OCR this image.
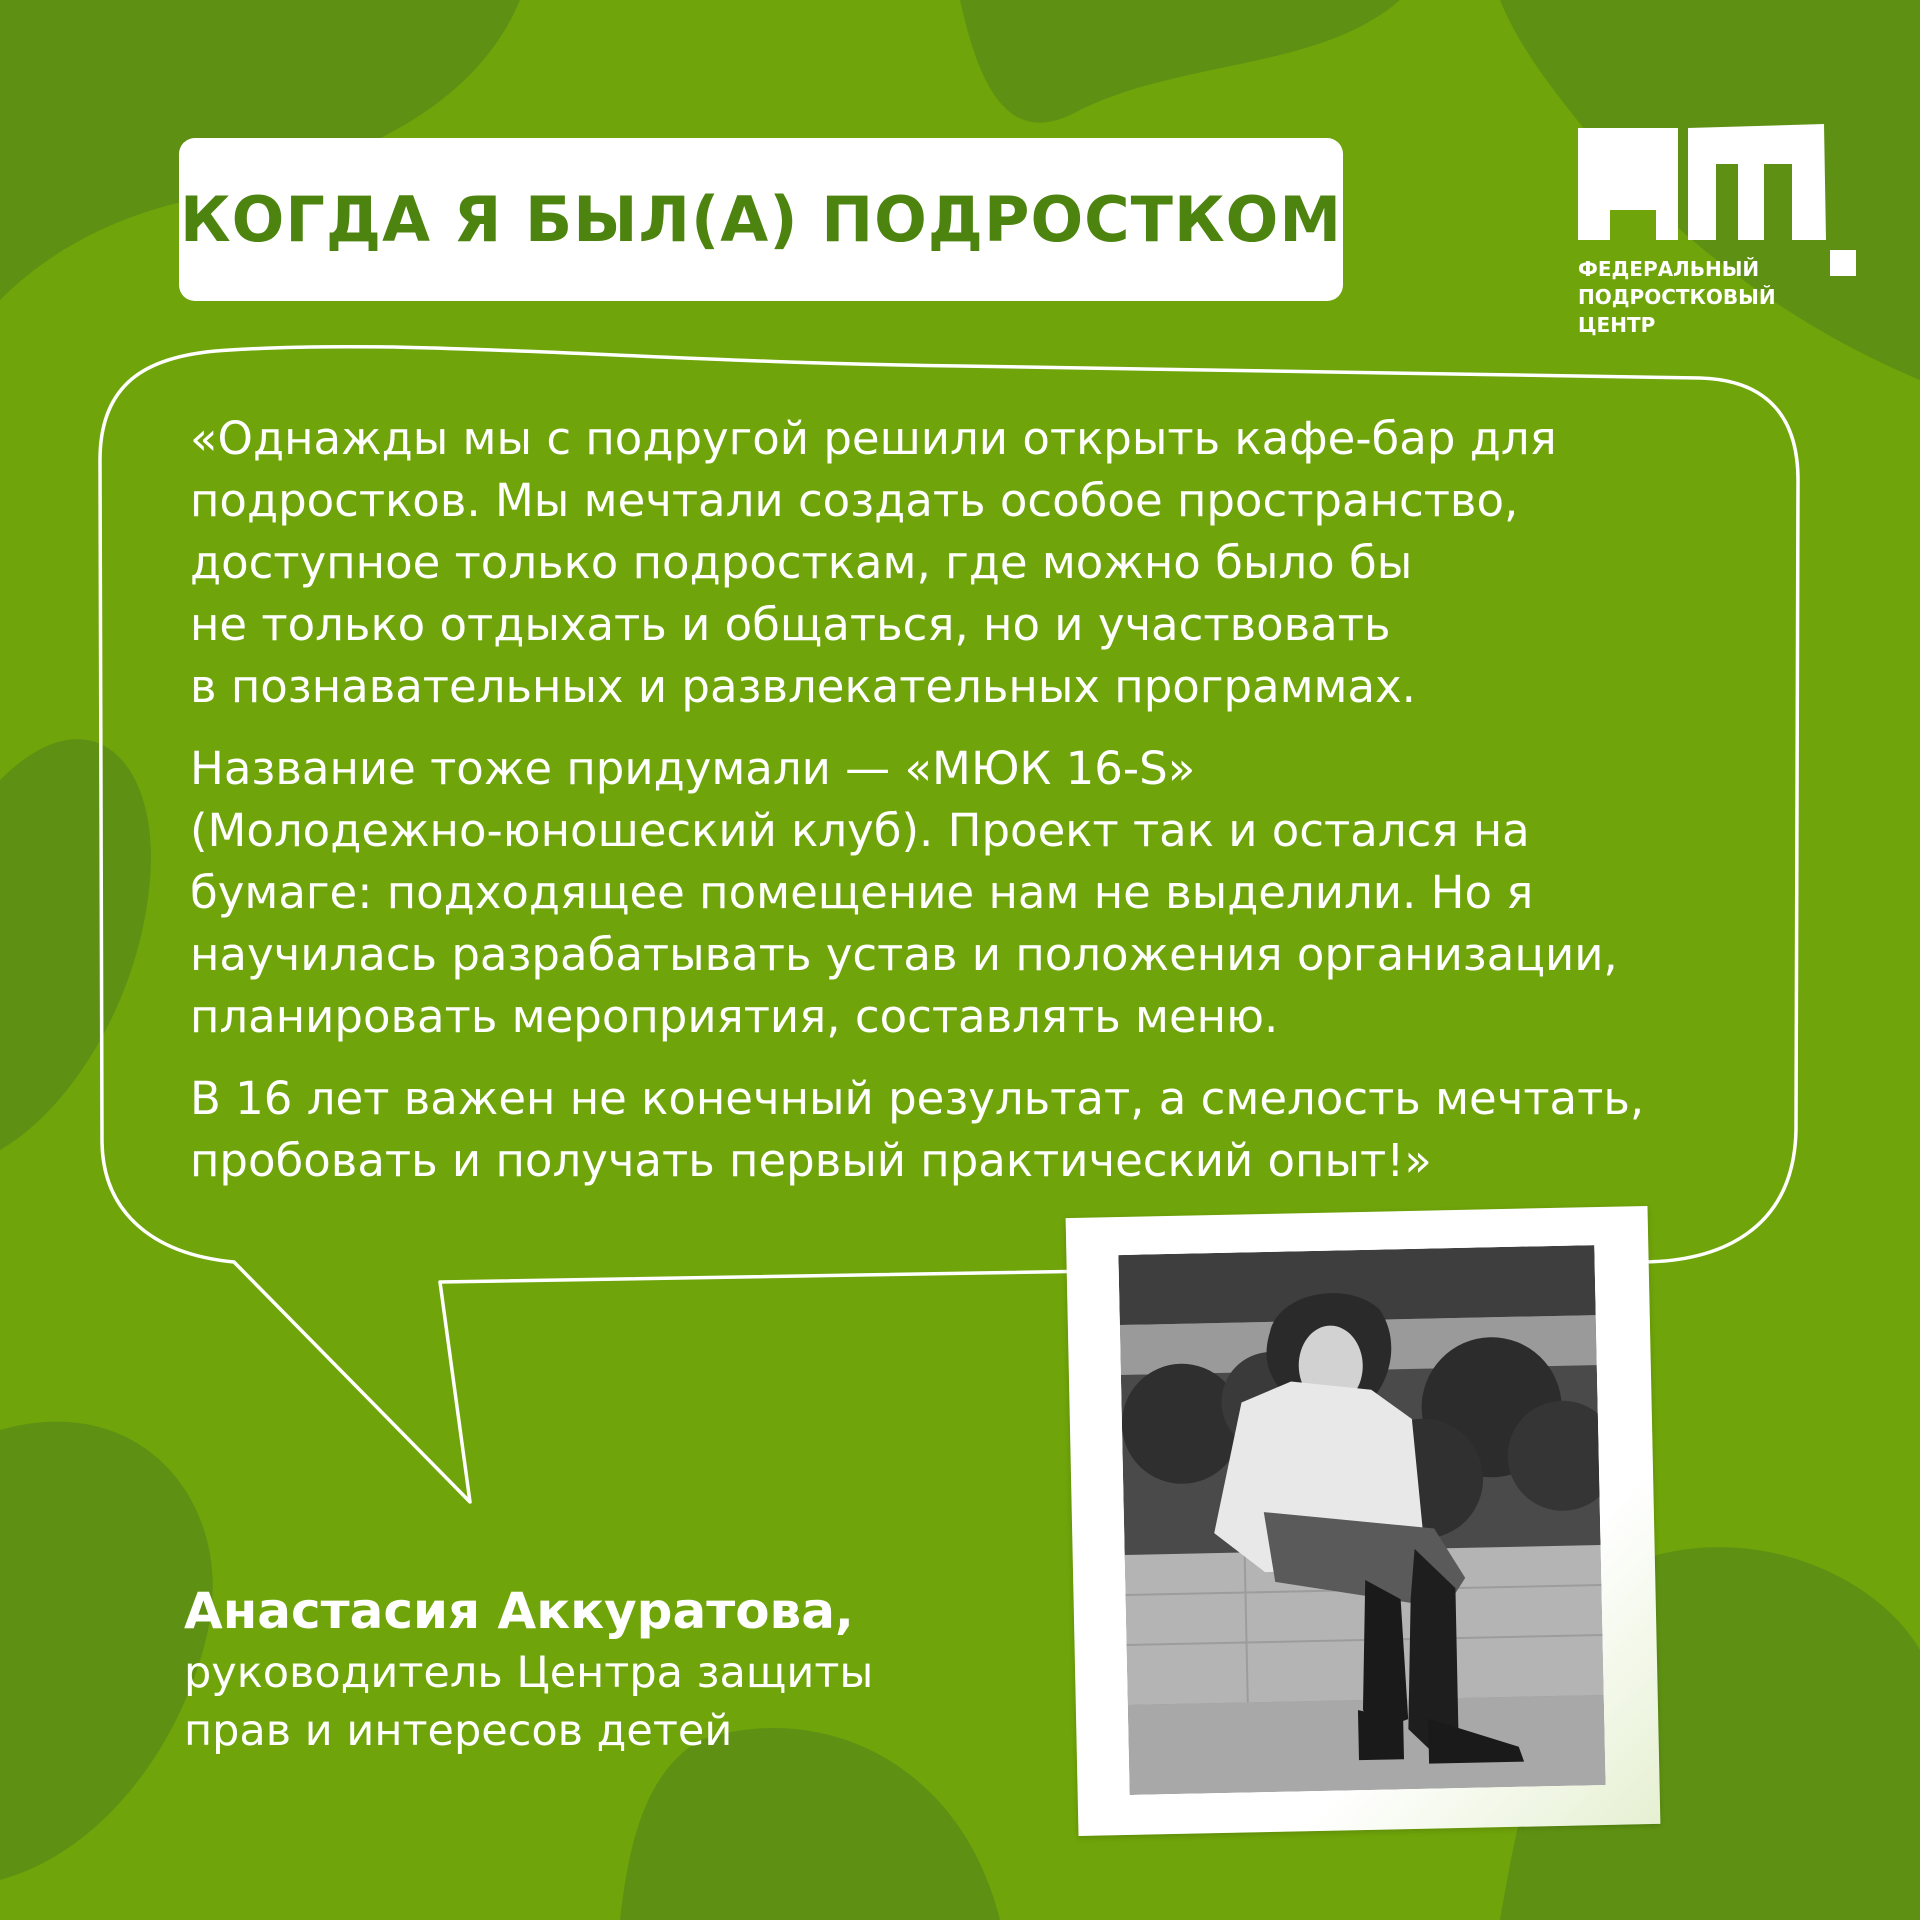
КОГДА Я БЫЛ(А) ПОДРОСТКОМ
ФЕДЕРАЛЬНЫЙ
ПОДРОСТКОВЫЙ
ЦЕНТР

«Однажды мы с подругой решили открыть кафе-бар для
подростков. Мы мечтали создать особое пространство,
доступное только подросткам, где можно было бы
не только отдыхать и общаться, но и участвовать
в познавательных и развлекательных программах.

Название тоже придумали — «МЮК 16-S»
(Молодежно-юношеский клуб). Проект так и остался на
бумаге: подходящее помещение нам не выделили. Но я
научилась разрабатывать устав и положения организации,
планировать мероприятия, составлять меню.

В 16 лет важен не конечный результат, а смелость мечтать,
пробовать и получать первый практический опыт!»

Анастасия Аккуратова,
руководитель Центра защиты
прав и интересов детей
